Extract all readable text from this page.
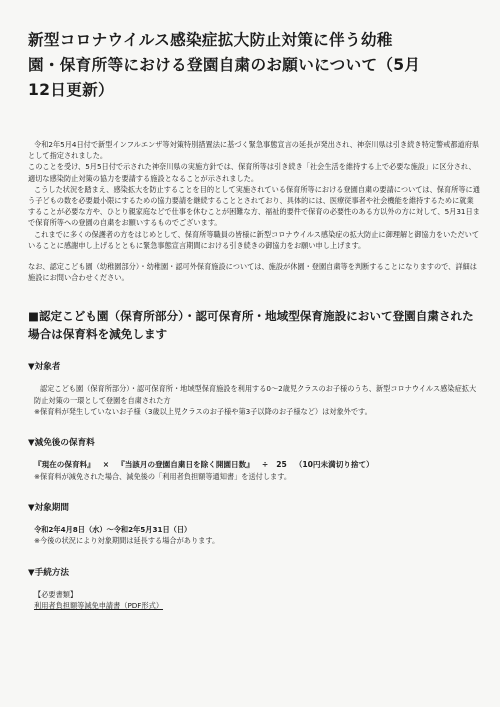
新型コロナウイルス感染症拡大防止対策に伴う幼稚
園・保育所等における登園自粛のお願いについて（5月
12日更新）

令和2年5月4日付で新型インフルエンザ等対策特別措置法に基づく緊急事態宣言の延長が発出され、神奈川県は引き続き特定警戒都道府県として指定されました。

このことを受け、5月5日付で示された神奈川県の実施方針では、保育所等は引き続き「社会生活を維持する上で必要な施設」に区分され、適切な感染防止対策の協力を要請する施設となることが示されました。

こうした状況を踏まえ、感染拡大を防止することを目的として実施されている保育所等における登園自粛の要請については、保育所等に通う子どもの数を必要最小限にするための協力要請を継続することとされており、具体的には、医療従事者や社会機能を維持するために就業することが必要な方や、ひとり親家庭などで仕事を休むことが困難な方、福祉的要件で保育の必要性のある方以外の方に対して、5月31日まで保育所等への登園の自粛をお願いするものでございます。

これまでに多くの保護者の方をはじめとして、保育所等職員の皆様に新型コロナウイルス感染症の拡大防止に御理解と御協力をいただいていることに感謝申し上げるとともに緊急事態宣言期間における引き続きの御協力をお願い申し上げます。

なお、認定こども園（幼稚園部分）・幼稚園・認可外保育施設については、施設が休園・登園自粛等を判断することになりますので、詳細は施設にお問い合わせください。

■認定こども園（保育所部分）・認可保育所・地域型保育施設において登園自粛された場合は保育料を減免します
▼対象者

認定こども園（保育所部分）・認可保育所・地域型保育施設を利用する0～2歳児クラスのお子様のうち、新型コロナウイルス感染症拡大防止対策の一環として登園を自粛された方

※保育料が発生していないお子様（3歳以上児クラスのお子様や第3子以降のお子様など）は対象外です。

▼減免後の保育料
『現在の保育料』 × 『当該月の登園自粛日を除く開園日数』 ÷ 25 （10円未満切り捨て）

※保育料が減免された場合、減免後の「利用者負担額等通知書」を送付します。

▼対象期間

令和2年4月8日（水）～令和2年5月31日（日）

※今後の状況により対象期間は延長する場合があります。

▼手続方法

【必要書類】

利用者負担額等減免申請書（PDF形式）
